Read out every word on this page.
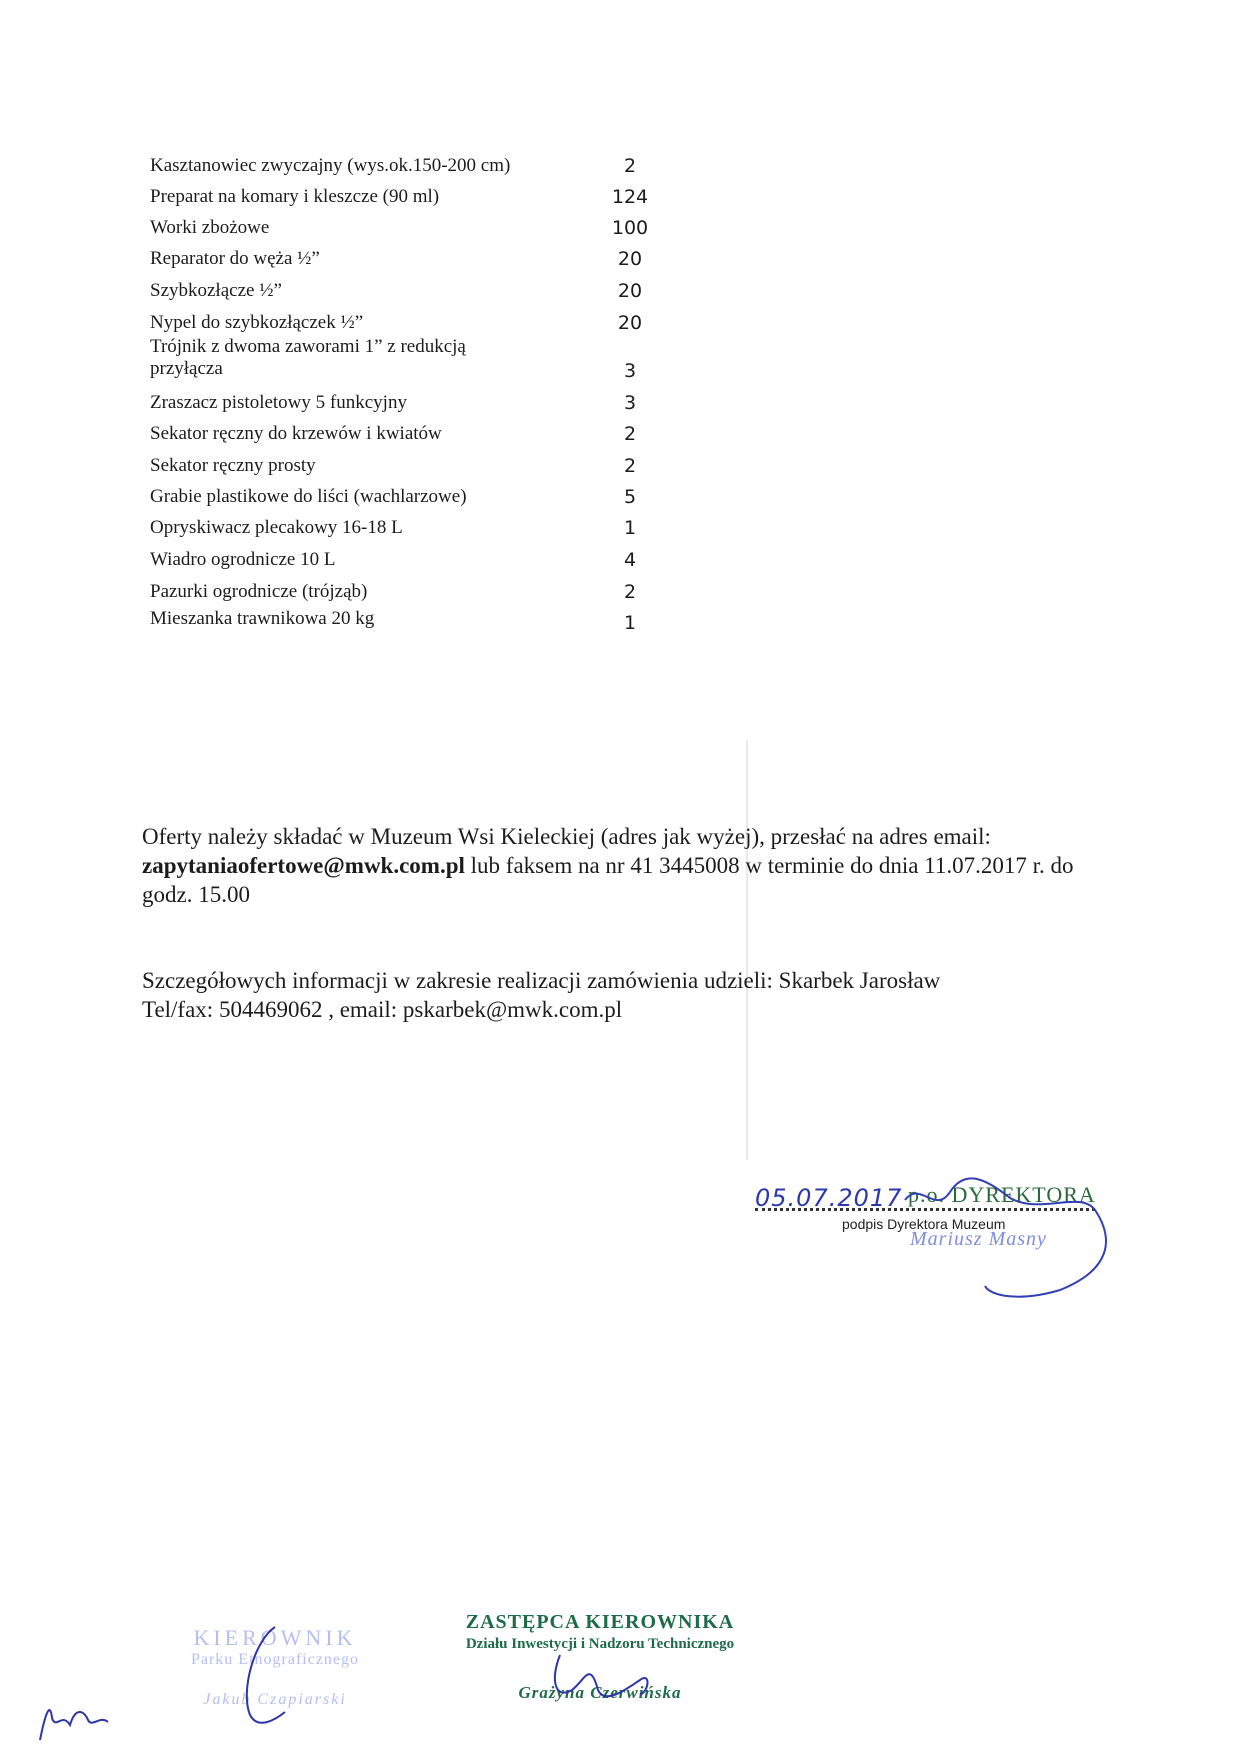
Kasztanowiec zwyczajny (wys.ok.150-200 cm)	2
Preparat na komary i kleszcze (90 ml)	124
Worki zbożowe	100
Reparator do węża ½”	20
Szybkozłącze ½”	20
Nypel do szybkozłączek ½”	20
Trójnik z dwoma zaworami 1” z redukcją przyłącza	3
Zraszacz pistoletowy 5 funkcyjny	3
Sekator ręczny do krzewów i kwiatów	2
Sekator ręczny prosty	2
Grabie plastikowe do liści (wachlarzowe)	5
Opryskiwacz plecakowy 16-18 L	1
Wiadro ogrodnicze 10 L	4
Pazurki ogrodnicze (trójząb)	2
Mieszanka trawnikowa 20 kg	1
Oferty należy składać w Muzeum Wsi Kieleckiej (adres jak wyżej), przesłać na adres email:
zapytaniaofertowe@mwk.com.pl lub faksem na nr 41 3445008 w terminie do dnia 11.07.2017 r. do godz. 15.00
Szczegółowych informacji w zakresie realizacji zamówienia udzieli: Skarbek Jarosław
Tel/fax: 504469062 , email: pskarbek@mwk.com.pl
05.07.2017 p.o. DYREKTORA
podpis Dyrektora Muzeum
Mariusz Masny
KIEROWNIK
Parku Etnograficznego
Jakub Czapiarski
ZASTĘPCA KIEROWNIKA
Działu Inwestycji i Nadzoru Technicznego
Grażyna Czerwińska
